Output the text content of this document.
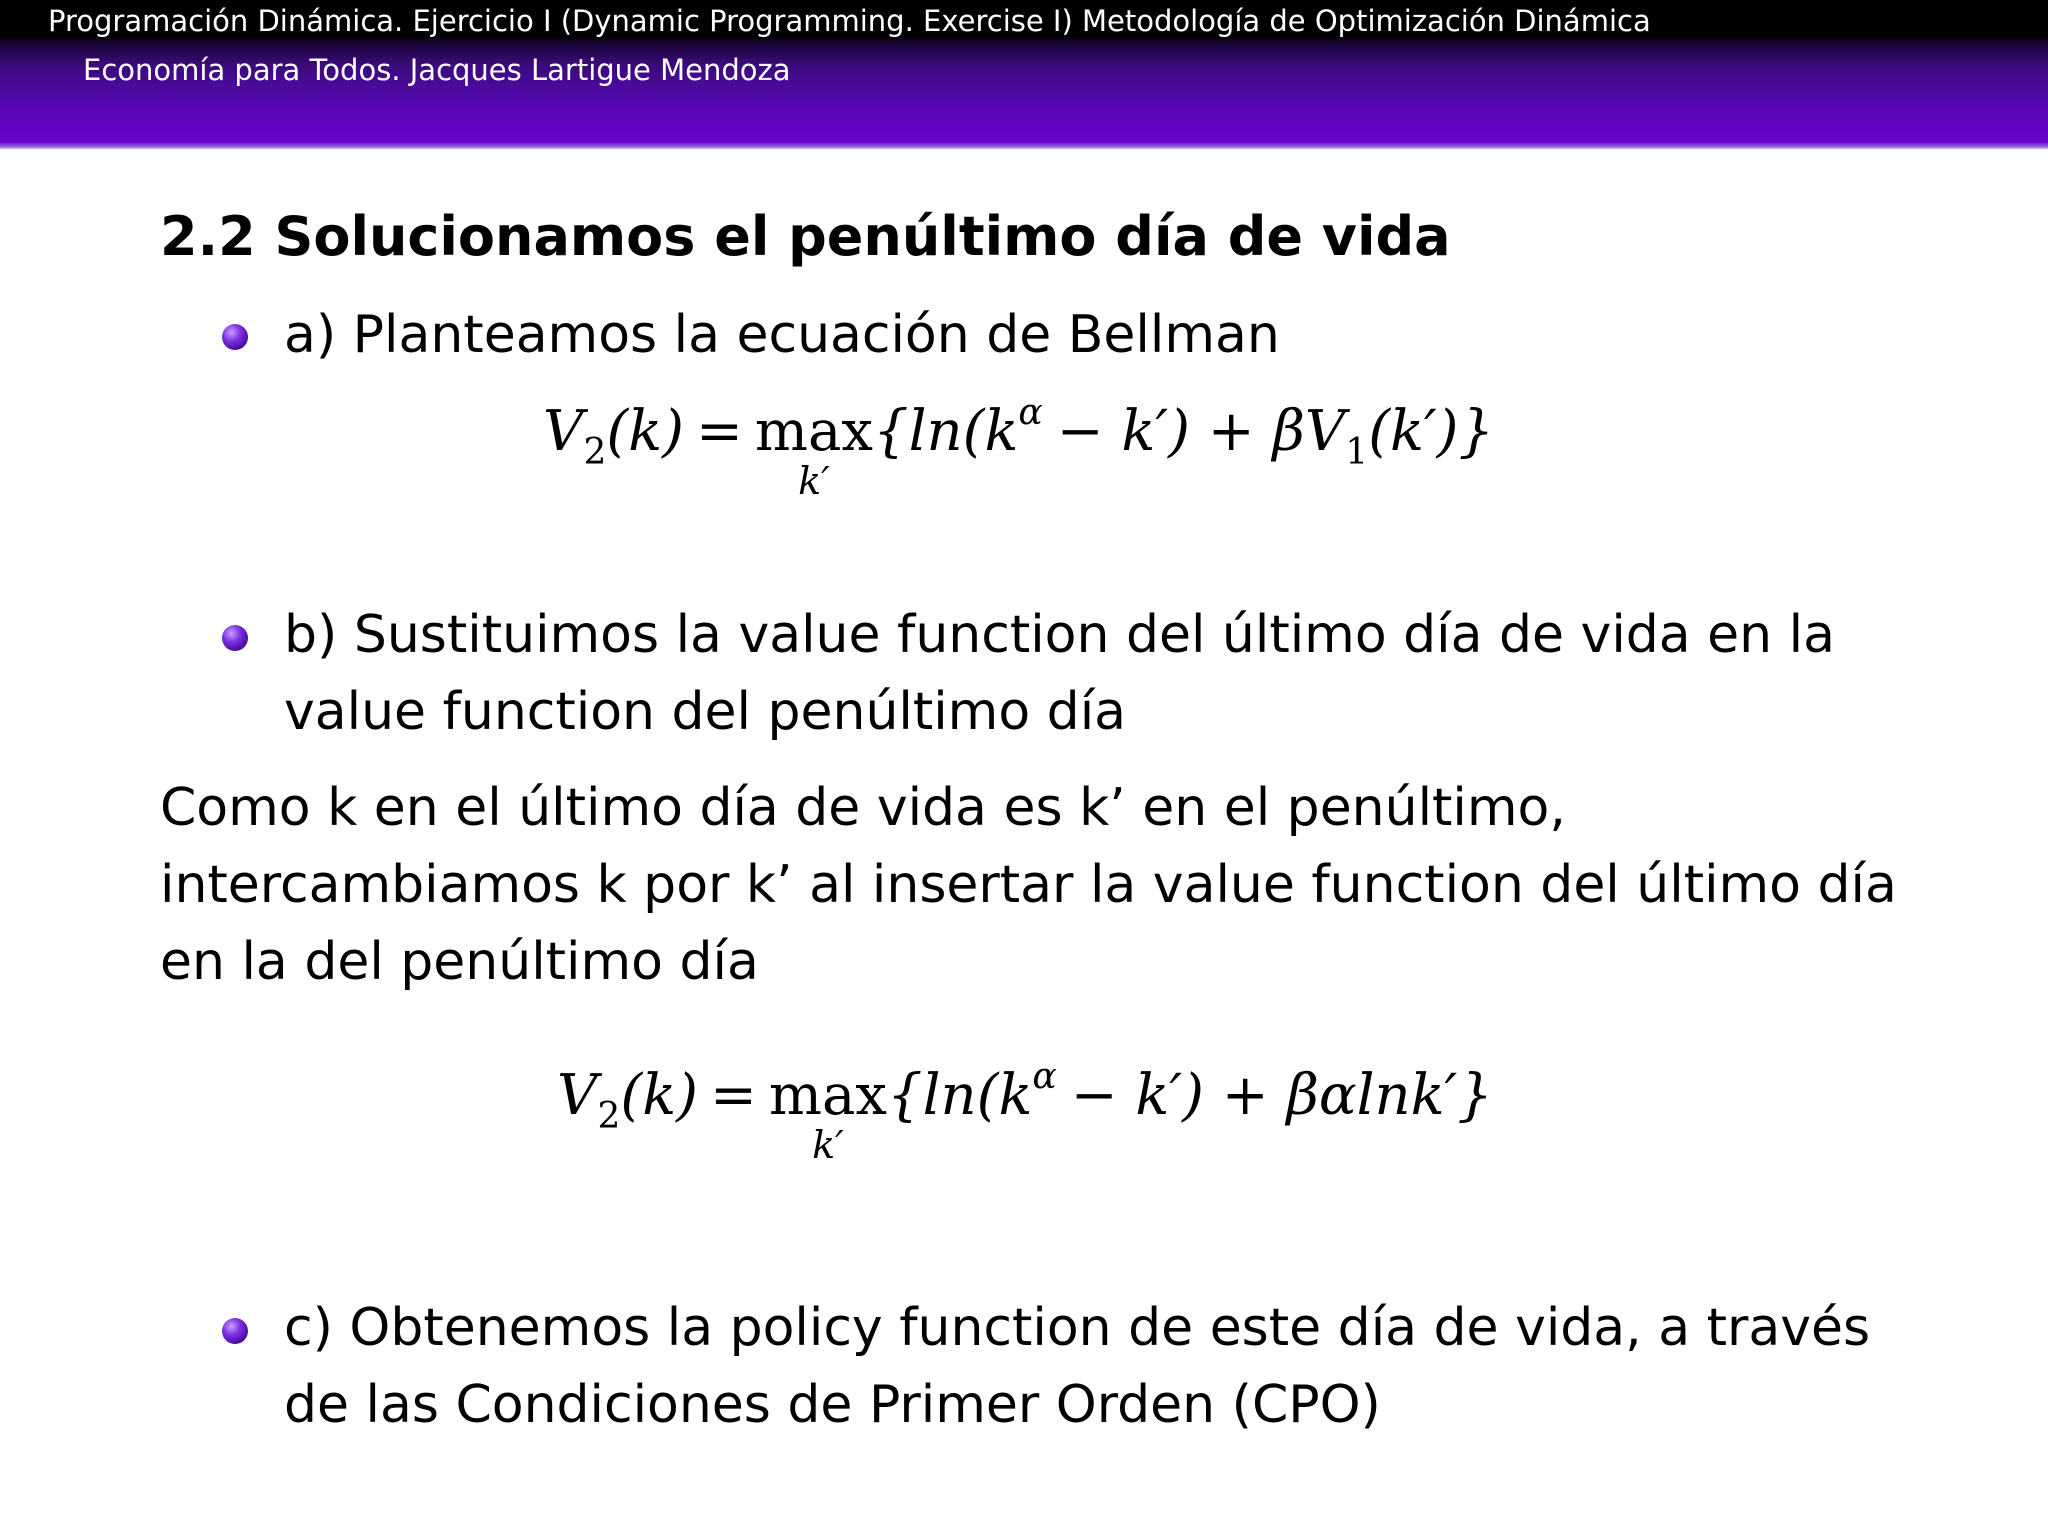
Programación Dinámica. Ejercicio I (Dynamic Programming. Exercise I) Metodología de Optimización Dinámica
Economía para Todos. Jacques Lartigue Mendoza
2.2 Solucionamos el penúltimo día de vida
a) Planteamos la ecuación de Bellman
$V_2(k) = \max$
k′
$\{\ln(k^\alpha - k') + \beta V_1(k')\}$
b) Sustituimos la value function del último día de vida en la
value function del penúltimo día
Como k en el último día de vida es k’ en el penúltimo,
intercambiamos k por k’ al insertar la value function del último día
en la del penúltimo día
$V_2(k) = \max$
k′
$\{\ln(k^\alpha - k') + \beta\alpha\ln k'\}$
c) Obtenemos la policy function de este día de vida, a través
de las Condiciones de Primer Orden (CPO)
